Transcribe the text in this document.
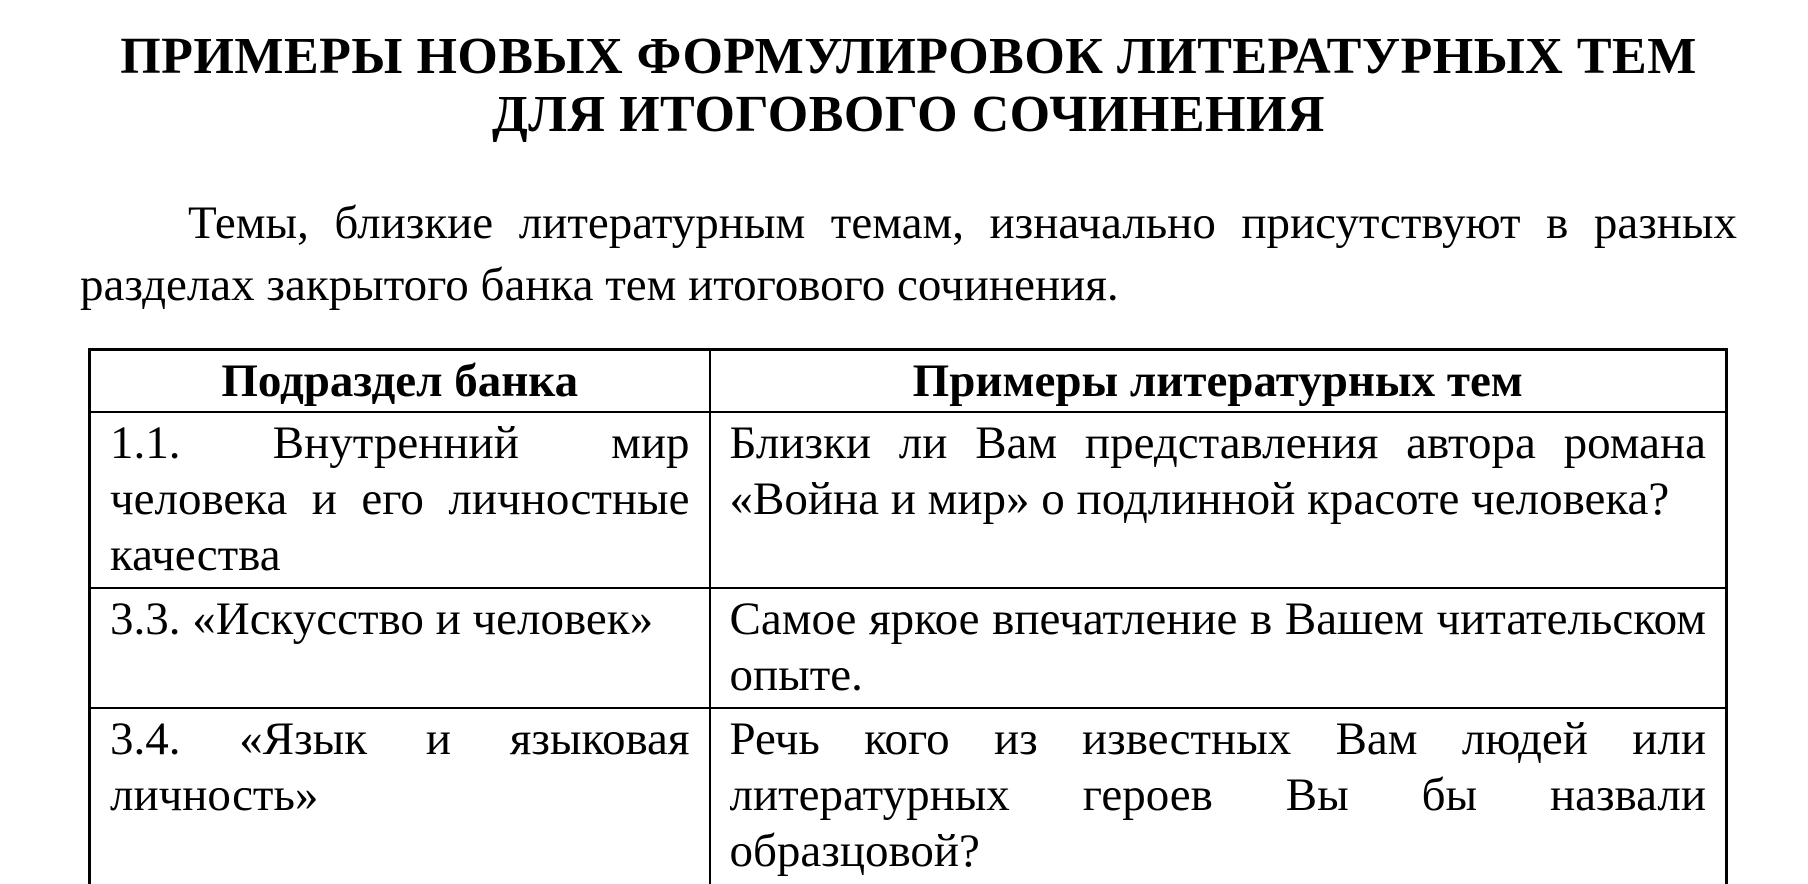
ПРИМЕРЫ НОВЫХ ФОРМУЛИРОВОК ЛИТЕРАТУРНЫХ ТЕМ
ДЛЯ ИТОГОВОГО СОЧИНЕНИЯ

Темы, близкие литературным темам, изначально присутствуют в разных разделах закрытого банка тем итогового сочинения.

Подраздел банка	Примеры литературных тем
1.1. Внутренний мир человека и его личностные качества	Близки ли Вам представления автора романа «Война и мир» о подлинной красоте человека?
3.3. «Искусство и человек»	Самое яркое впечатление в Вашем читательском опыте.
3.4. «Язык и языковая личность»	Речь кого из известных Вам людей или литературных героев Вы бы назвали образцовой?
